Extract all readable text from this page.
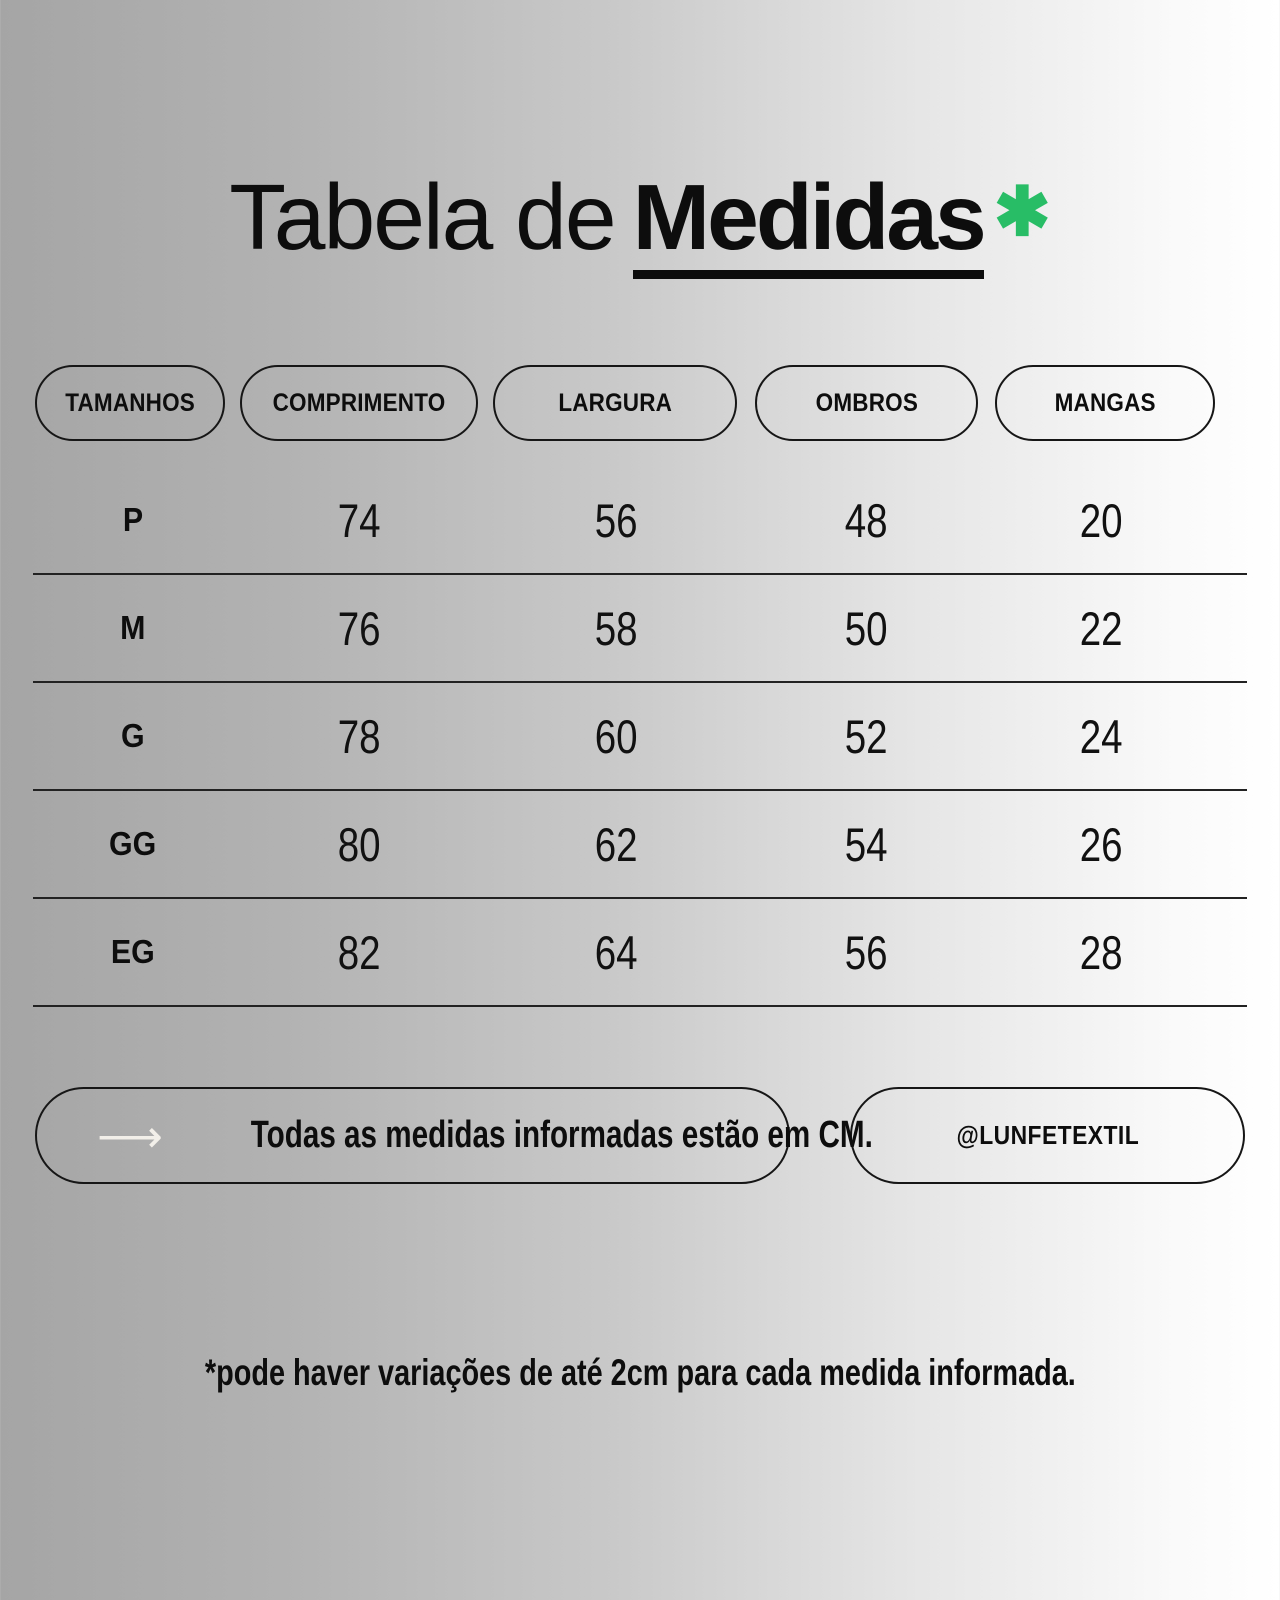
Tabela de Medidas ✱
TAMANHOS	COMPRIMENTO	LARGURA	OMBROS	MANGAS
P	74	56	48	20
M	76	58	50	22
G	78	60	52	24
GG	80	62	54	26
EG	82	64	56	28
⟶	Todas as medidas informadas estão em CM.	@LUNFETEXTIL
*pode haver variações de até 2cm para cada medida informada.
